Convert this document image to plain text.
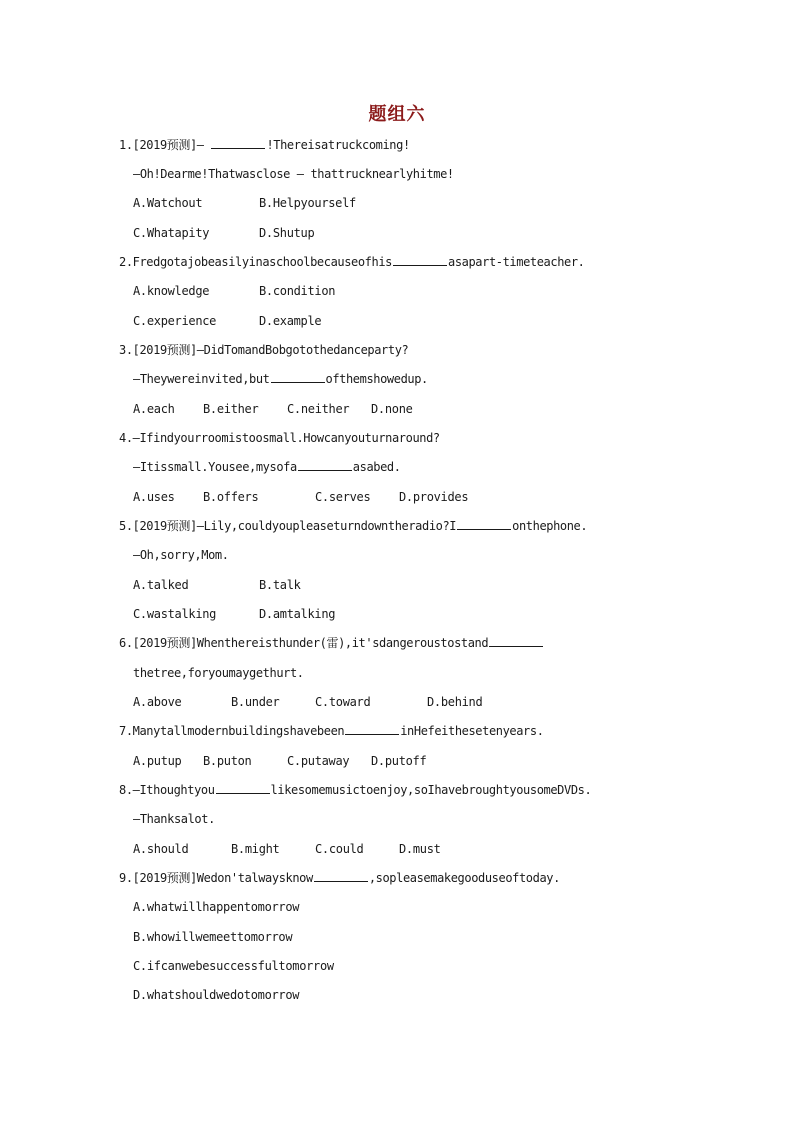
题组六
1.[2019预测]—	!Thereisatruckcoming!
—Oh!Dearme!Thatwasclose — thattrucknearlyhitme!
A.Watchout	B.Helpyourself
C.Whatapity	D.Shutup
2.Fredgotajobeasilyinaschoolbecauseofhis	asapart-timeteacher.
A.knowledge	B.condition
C.experience	D.example
3.[2019预测]—DidTomandBobgotothedanceparty?
—Theywereinvited,but	ofthemshowedup.
A.each B.either C.neither D.none
4.—Ifindyourroomistoosmall.Howcanyouturnaround?
—Itissmall.Yousee,mysofa	asabed.
A.uses B.offers	C.serves D.provides
5.[2019预测]—Lily,couldyoupleaseturndowntheradio?I	onthephone.
—Oh,sorry,Mom.
A.talked	B.talk
C.wastalking	D.amtalking
6.[2019预测]Whenthereisthunder(雷),it'sdangeroustostand
thetree,foryoumaygethurt.
A.above	B.under	C.toward	D.behind
7.Manytallmodernbuildingshavebeen	inHefeithesetenyears.
A.putup B.puton	C.putaway D.putoff
8.—Ithoughtyou	likesomemusictoenjoy,soIhavebroughtyousomeDVDs.
—Thanksalot.
A.should	B.might	C.could	D.must
9.[2019预测]Wedon'talwaysknow	,sopleasemakegooduseoftoday.
A.whatwillhappentomorrow
B.whowillwemeettomorrow
C.ifcanwebesuccessfultomorrow
D.whatshouldwedotomorrow
